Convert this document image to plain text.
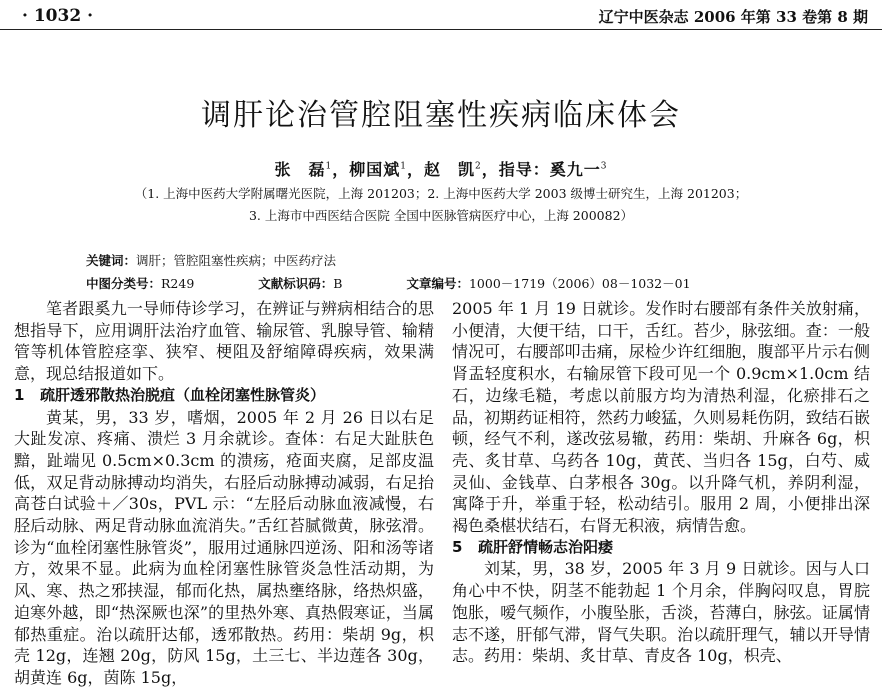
· 1032 ·	辽宁中医杂志 2006 年第 33 卷第 8 期
调肝论治管腔阻塞性疾病临床体会
张　磊$^1$，柳国斌$^1$，赵　凯$^2$，指导：奚九一$^3$
（1. 上海中医药大学附属曙光医院，上海 201203；2. 上海中医药大学 2003 级博士研究生，上海 201203；
3. 上海市中西医结合医院 全国中医脉管病医疗中心，上海 200082）
关键词：调肝；管腔阻塞性疾病；中医药疗法
中图分类号：R249	文献标识码：B	文章编号：1000－1719（2006）08－1032－01

笔者跟奚九一导师侍诊学习，在辨证与辨病相结合的思想指导下，应用调肝法治疗血管、输尿管、乳腺导管、输精管等机体管腔痉挛、狭窄、梗阻及舒缩障碍疾病，效果满意，现总结报道如下。

1 疏肝透邪散热治脱疽（血栓闭塞性脉管炎）

黄某，男，33 岁，嗜烟，2005 年 2 月 26 日以右足大趾发凉、疼痛、溃烂 3 月余就诊。查体：右足大趾肤色黯，趾端见 0.5cm×0.3cm 的溃疡，疮面夹腐，足部皮温低，双足背动脉搏动均消失，右胫后动脉搏动减弱，右足抬高苍白试验＋／30s，PVL 示：“左胫后动脉血液减慢，右胫后动脉、两足背动脉血流消失。”舌红苔腻微黄，脉弦滑。诊为“血栓闭塞性脉管炎”，服用过通脉四逆汤、阳和汤等诸方，效果不显。此病为血栓闭塞性脉管炎急性活动期，为风、寒、热之邪挟湿，郁而化热，属热壅络脉，络热炽盛，迫寒外越，即“热深厥也深”的里热外寒、真热假寒证，当属郁热重症。治以疏肝达郁，透邪散热。药用：柴胡 9g，枳壳 12g，连翘 20g，防风 15g，土三七、半边莲各 30g，胡黄连 6g，茵陈 15g，

2005 年 1 月 19 日就诊。发作时右腰部有条件关放射痛，小便清，大便干结，口干，舌红。苔少，脉弦细。查：一般情况可，右腰部叩击痛，尿检少许红细胞，腹部平片示右侧肾盂轻度积水，右输尿管下段可见一个 0.9cm×1.0cm 结石，边缘毛糙，考虑以前服方均为清热利湿，化瘀排石之品，初期药证相符，然药力峻猛，久则易耗伤阴，致结石嵌顿，经气不利，遂改弦易辙，药用：柴胡、升麻各 6g，枳壳、炙甘草、乌药各 10g，黄芪、当归各 15g，白芍、威灵仙、金钱草、白茅根各 30g。以升降气机，养阴利湿，寓降于升，举重于轻，松动结引。服用 2 周，小便排出深褐色桑椹状结石，右肾无积液，病情告愈。

5 疏肝舒情畅志治阳痿

刘某，男，38 岁，2005 年 3 月 9 日就诊。因与人口角心中不快，阴茎不能勃起 1 个月余，伴胸闷叹息，胃脘饱胀，嗳气频作，小腹坠胀，舌淡，苔薄白，脉弦。证属情志不遂，肝郁气滞，肾气失职。治以疏肝理气，辅以开导情志。药用：柴胡、炙甘草、青皮各 10g，枳壳、
